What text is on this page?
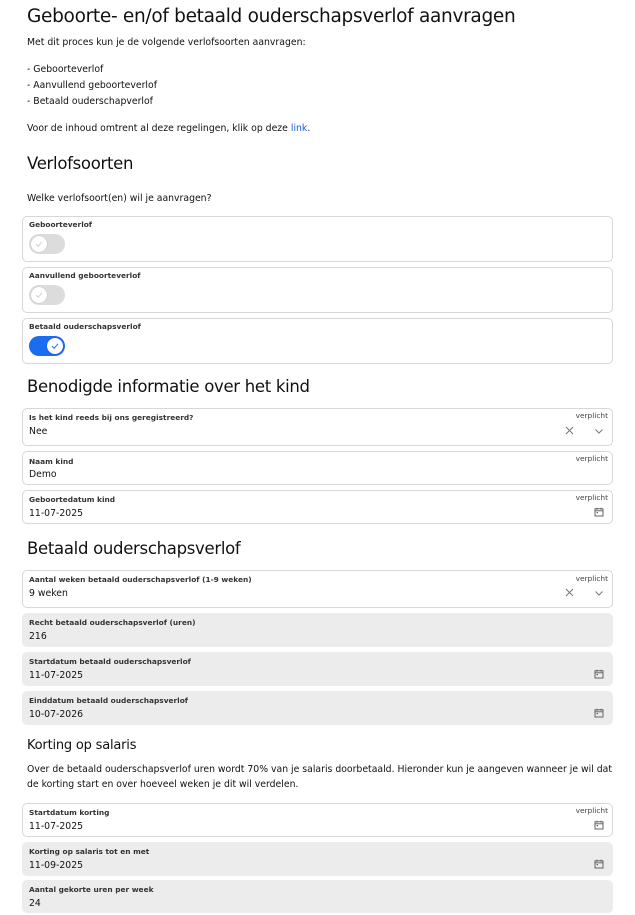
Geboorte- en/of betaald ouderschapsverlof aanvragen
Met dit proces kun je de volgende verlofsoorten aanvragen:
- Geboorteverlof
- Aanvullend geboorteverlof
- Betaald ouderschapverlof
Voor de inhoud omtrent al deze regelingen, klik op deze link.
Verlofsoorten
Welke verlofsoort(en) wil je aanvragen?
Geboorteverlof
Aanvullend geboorteverlof
Betaald ouderschapsverlof
Benodigde informatie over het kind
Is het kind reeds bij ons geregistreerd?	verplicht
Nee
Naam kind	verplicht
Demo
Geboortedatum kind	verplicht
11-07-2025
Betaald ouderschapsverlof
Aantal weken betaald ouderschapsverlof (1-9 weken)	verplicht
9 weken
Recht betaald ouderschapsverlof (uren)
216
Startdatum betaald ouderschapsverlof
11-07-2025
Einddatum betaald ouderschapsverlof
10-07-2026
Korting op salaris
Over de betaald ouderschapsverlof uren wordt 70% van je salaris doorbetaald. Hieronder kun je aangeven wanneer je wil dat
de korting start en over hoeveel weken je dit wil verdelen.
Startdatum korting	verplicht
11-07-2025
Korting op salaris tot en met
11-09-2025
Aantal gekorte uren per week
24
